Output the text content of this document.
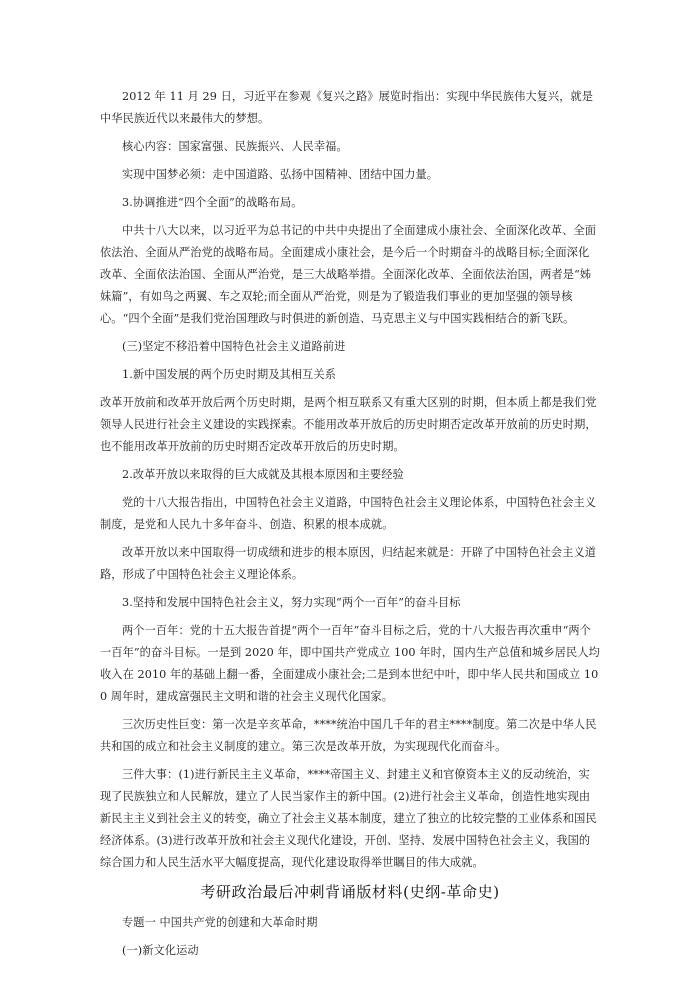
2012 年 11 月 29 日，习近平在参观《复兴之路》展览时指出：实现中华民族伟大复兴，就是中华民族近代以来最伟大的梦想。

核心内容：国家富强、民族振兴、人民幸福。

实现中国梦必须：走中国道路、弘扬中国精神、团结中国力量。

3.协调推进“四个全面”的战略布局。

中共十八大以来，以习近平为总书记的中共中央提出了全面建成小康社会、全面深化改革、全面依法治、全面从严治党的战略布局。全面建成小康社会，是今后一个时期奋斗的战略目标;全面深化改革、全面依法治国、全面从严治党，是三大战略举措。全面深化改革、全面依法治国，两者是“姊妹篇”，有如鸟之两翼、车之双轮;而全面从严治党，则是为了锻造我们事业的更加坚强的领导核心。“四个全面”是我们党治国理政与时俱进的新创造、马克思主义与中国实践相结合的新飞跃。

(三)坚定不移沿着中国特色社会主义道路前进

1.新中国发展的两个历史时期及其相互关系

改革开放前和改革开放后两个历史时期，是两个相互联系又有重大区别的时期，但本质上都是我们党领导人民进行社会主义建设的实践探索。不能用改革开放后的历史时期否定改革开放前的历史时期，也不能用改革开放前的历史时期否定改革开放后的历史时期。

2.改革开放以来取得的巨大成就及其根本原因和主要经验

党的十八大报告指出，中国特色社会主义道路，中国特色社会主义理论体系，中国特色社会主义制度，是党和人民九十多年奋斗、创造、积累的根本成就。

改革开放以来中国取得一切成绩和进步的根本原因，归结起来就是：开辟了中国特色社会主义道路，形成了中国特色社会主义理论体系。

3.坚持和发展中国特色社会主义，努力实现“两个一百年”的奋斗目标

两个一百年：党的十五大报告首提“两个一百年”奋斗目标之后，党的十八大报告再次重申“两个一百年”的奋斗目标。一是到 2020 年，即中国共产党成立 100 年时，国内生产总值和城乡居民人均收入在 2010 年的基础上翻一番，全面建成小康社会;二是到本世纪中叶，即中华人民共和国成立 100 周年时，建成富强民主文明和谐的社会主义现代化国家。

三次历史性巨变：第一次是辛亥革命，****统治中国几千年的君主****制度。第二次是中华人民共和国的成立和社会主义制度的建立。第三次是改革开放，为实现现代化而奋斗。

三件大事：(1)进行新民主主义革命，****帝国主义、封建主义和官僚资本主义的反动统治，实现了民族独立和人民解放，建立了人民当家作主的新中国。(2)进行社会主义革命，创造性地实现由新民主主义到社会主义的转变，确立了社会主义基本制度，建立了独立的比较完整的工业体系和国民经济体系。(3)进行改革开放和社会主义现代化建设，开创、坚持、发展中国特色社会主义，我国的综合国力和人民生活水平大幅度提高，现代化建设取得举世瞩目的伟大成就。

考研政治最后冲刺背诵版材料(史纲-革命史)

专题一 中国共产党的创建和大革命时期

(一)新文化运动
